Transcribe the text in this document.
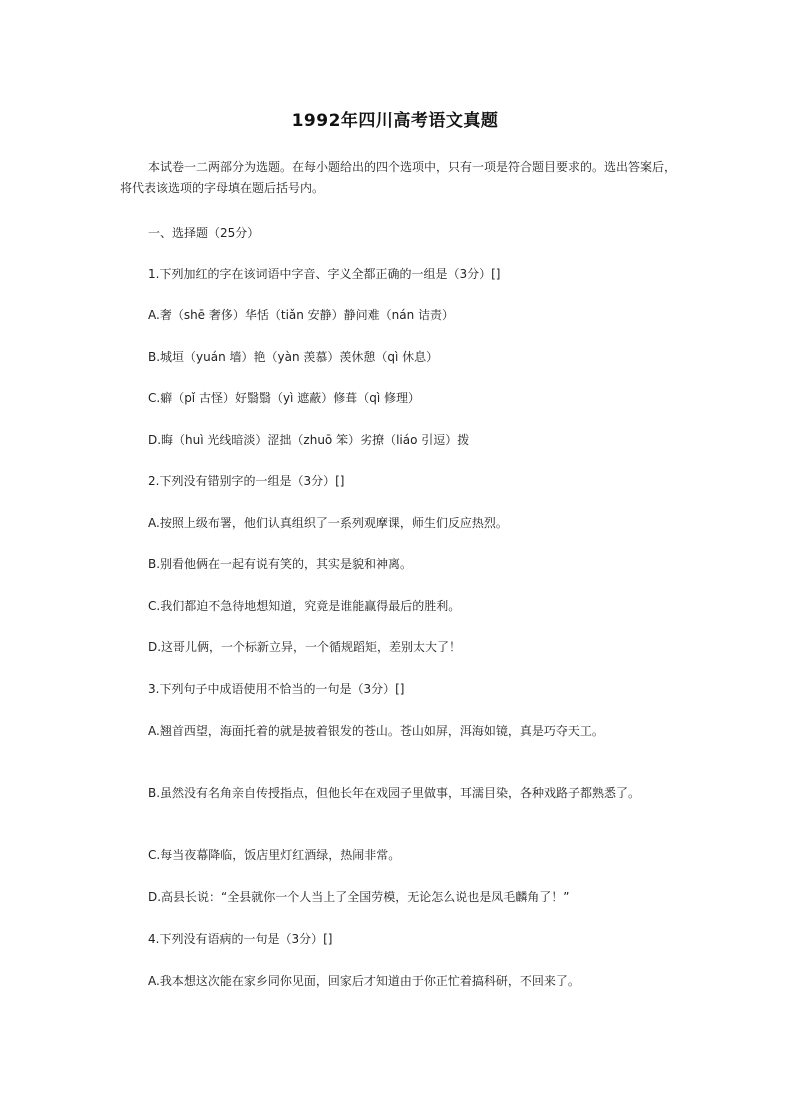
1992年四川高考语文真题
本试卷一二两部分为选题。在每小题给出的四个选项中，只有一项是符合题目要求的。选出答案后，将代表该选项的字母填在题后括号内。
一、选择题（25分）
1.下列加红的字在该词语中字音、字义全都正确的一组是（3分）[]
A.奢（shē 奢侈）华恬（tiǎn 安静）静问难（nán 诘责）
B.城垣（yuán 墙）艳（yàn 羡慕）羡休憩（qì 休息）
C.癖（pǐ 古怪）好翳翳（yì 遮蔽）修葺（qì 修理）
D.晦（huì 光线暗淡）涩拙（zhuō 笨）劣撩（liáo 引逗）拨
2.下列没有错别字的一组是（3分）[]
A.按照上级布署，他们认真组织了一系列观摩课，师生们反应热烈。
B.别看他俩在一起有说有笑的，其实是貌和神离。
C.我们都迫不急待地想知道，究竟是谁能赢得最后的胜利。
D.这哥儿俩，一个标新立异，一个循规蹈矩，差别太大了！
3.下列句子中成语使用不恰当的一句是（3分）[]
A.翘首西望，海面托着的就是披着银发的苍山。苍山如屏，洱海如镜，真是巧夺天工。
B.虽然没有名角亲自传授指点，但他长年在戏园子里做事，耳濡目染，各种戏路子都熟悉了。
C.每当夜幕降临，饭店里灯红酒绿，热闹非常。
D.高县长说：“全县就你一个人当上了全国劳模，无论怎么说也是凤毛麟角了！”
4.下列没有语病的一句是（3分）[]
A.我本想这次能在家乡同你见面，回家后才知道由于你正忙着搞科研，不回来了。
